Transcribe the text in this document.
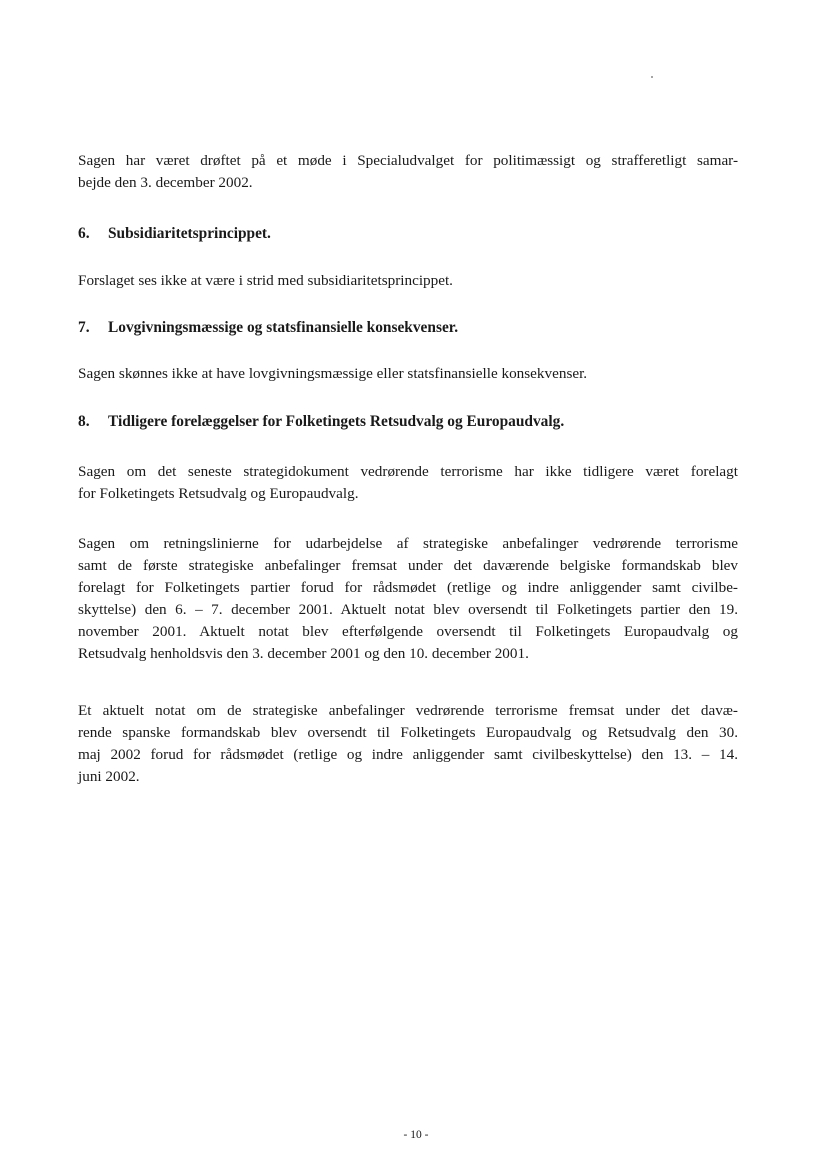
Sagen har været drøftet på et møde i Specialudvalget for politimæssigt og strafferetligt samar-
bejde den 3. december 2002.
6. Subsidiaritetsprincippet.
Forslaget ses ikke at være i strid med subsidiaritetsprincippet.
7. Lovgivningsmæssige og statsfinansielle konsekvenser.
Sagen skønnes ikke at have lovgivningsmæssige eller statsfinansielle konsekvenser.
8. Tidligere forelæggelser for Folketingets Retsudvalg og Europaudvalg.
Sagen om det seneste strategidokument vedrørende terrorisme har ikke tidligere været forelagt
for Folketingets Retsudvalg og Europaudvalg.
Sagen om retningslinierne for udarbejdelse af strategiske anbefalinger vedrørende terrorisme
samt de første strategiske anbefalinger fremsat under det daværende belgiske formandskab blev
forelagt for Folketingets partier forud for rådsmødet (retlige og indre anliggender samt civilbe-
skyttelse) den 6. – 7. december 2001. Aktuelt notat blev oversendt til Folketingets partier den 19.
november 2001. Aktuelt notat blev efterfølgende oversendt til Folketingets Europaudvalg og
Retsudvalg henholdsvis den 3. december 2001 og den 10. december 2001.
Et aktuelt notat om de strategiske anbefalinger vedrørende terrorisme fremsat under det davæ-
rende spanske formandskab blev oversendt til Folketingets Europaudvalg og Retsudvalg den 30.
maj 2002 forud for rådsmødet (retlige og indre anliggender samt civilbeskyttelse) den 13. – 14.
juni 2002.
- 10 -
